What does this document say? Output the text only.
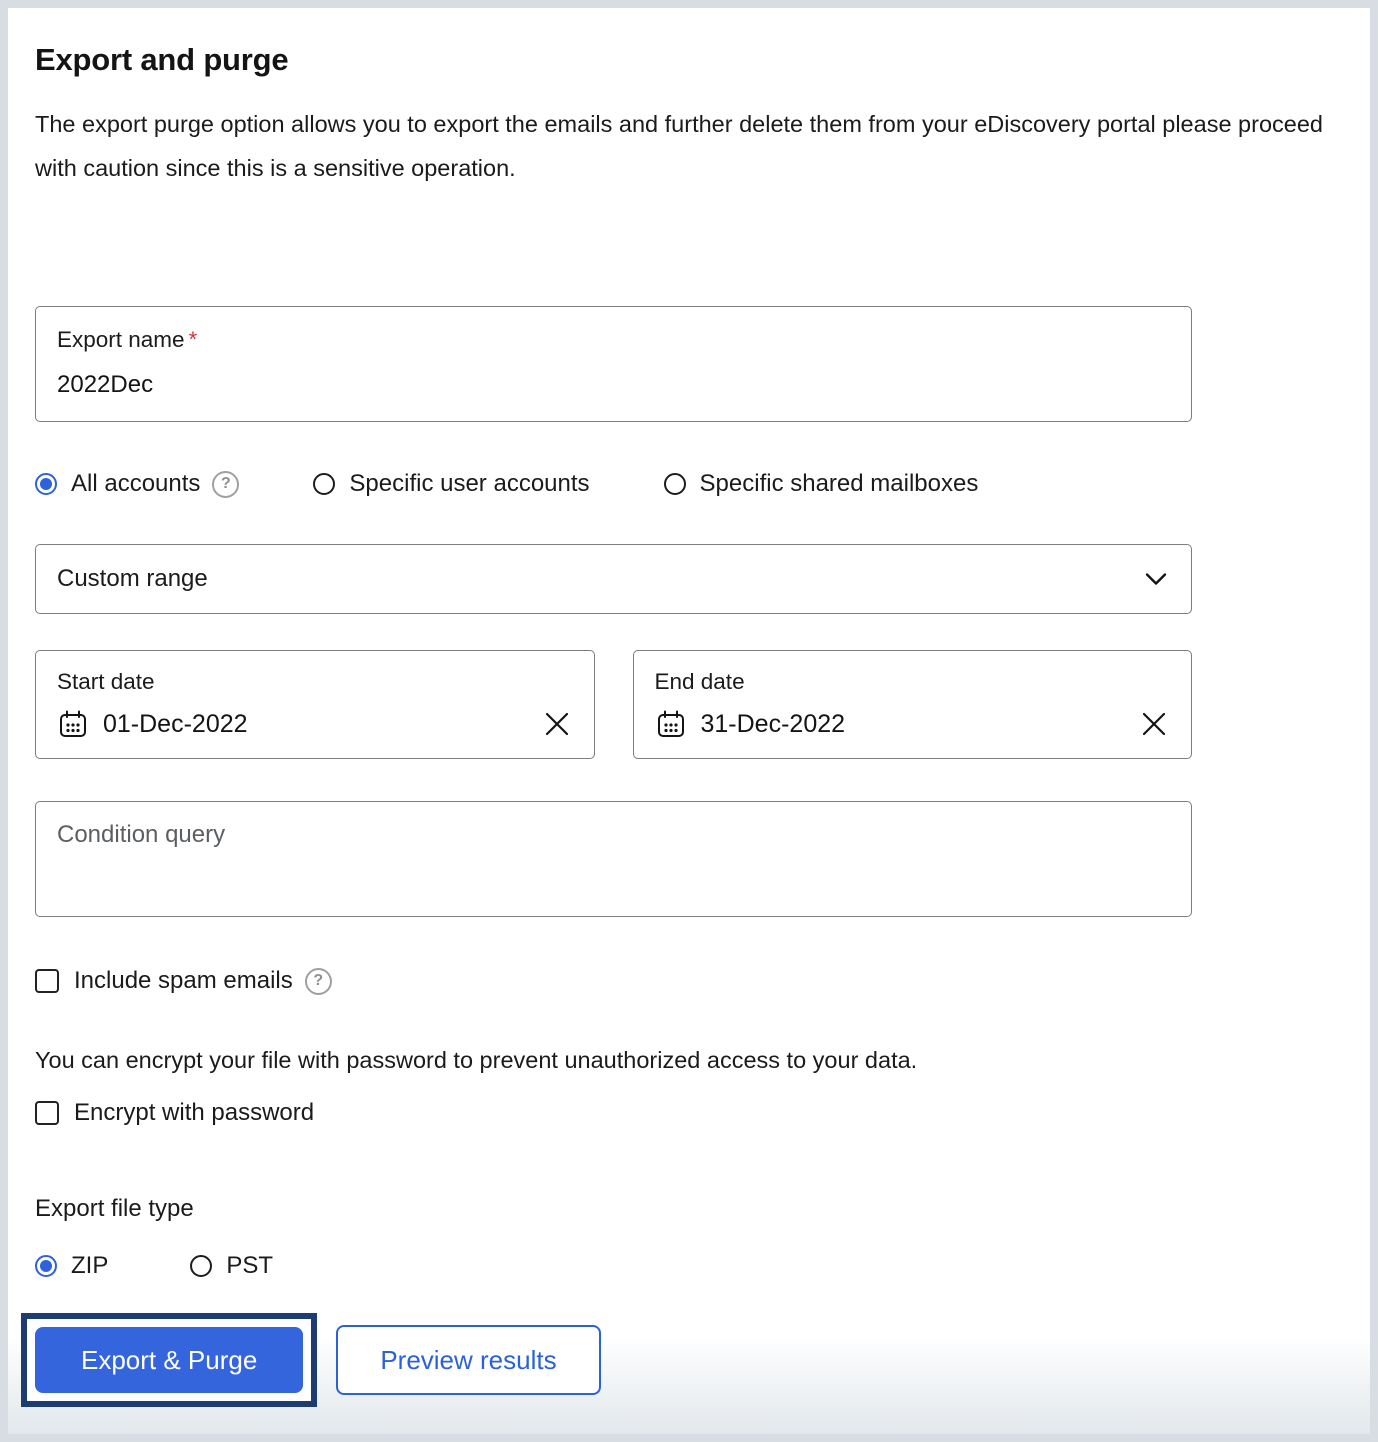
Export and purge
The export purge option allows you to export the emails and further delete them from your eDiscovery portal please proceed with caution since this is a sensitive operation.
Export name *
2022Dec
All accounts	?	Specific user accounts	Specific shared mailboxes
Custom range
Start date
01-Dec-2022
End date
31-Dec-2022
Condition query
Include spam emails	?
You can encrypt your file with password to prevent unauthorized access to your data.
Encrypt with password
Export file type
ZIP	PST
Export & Purge	Preview results
